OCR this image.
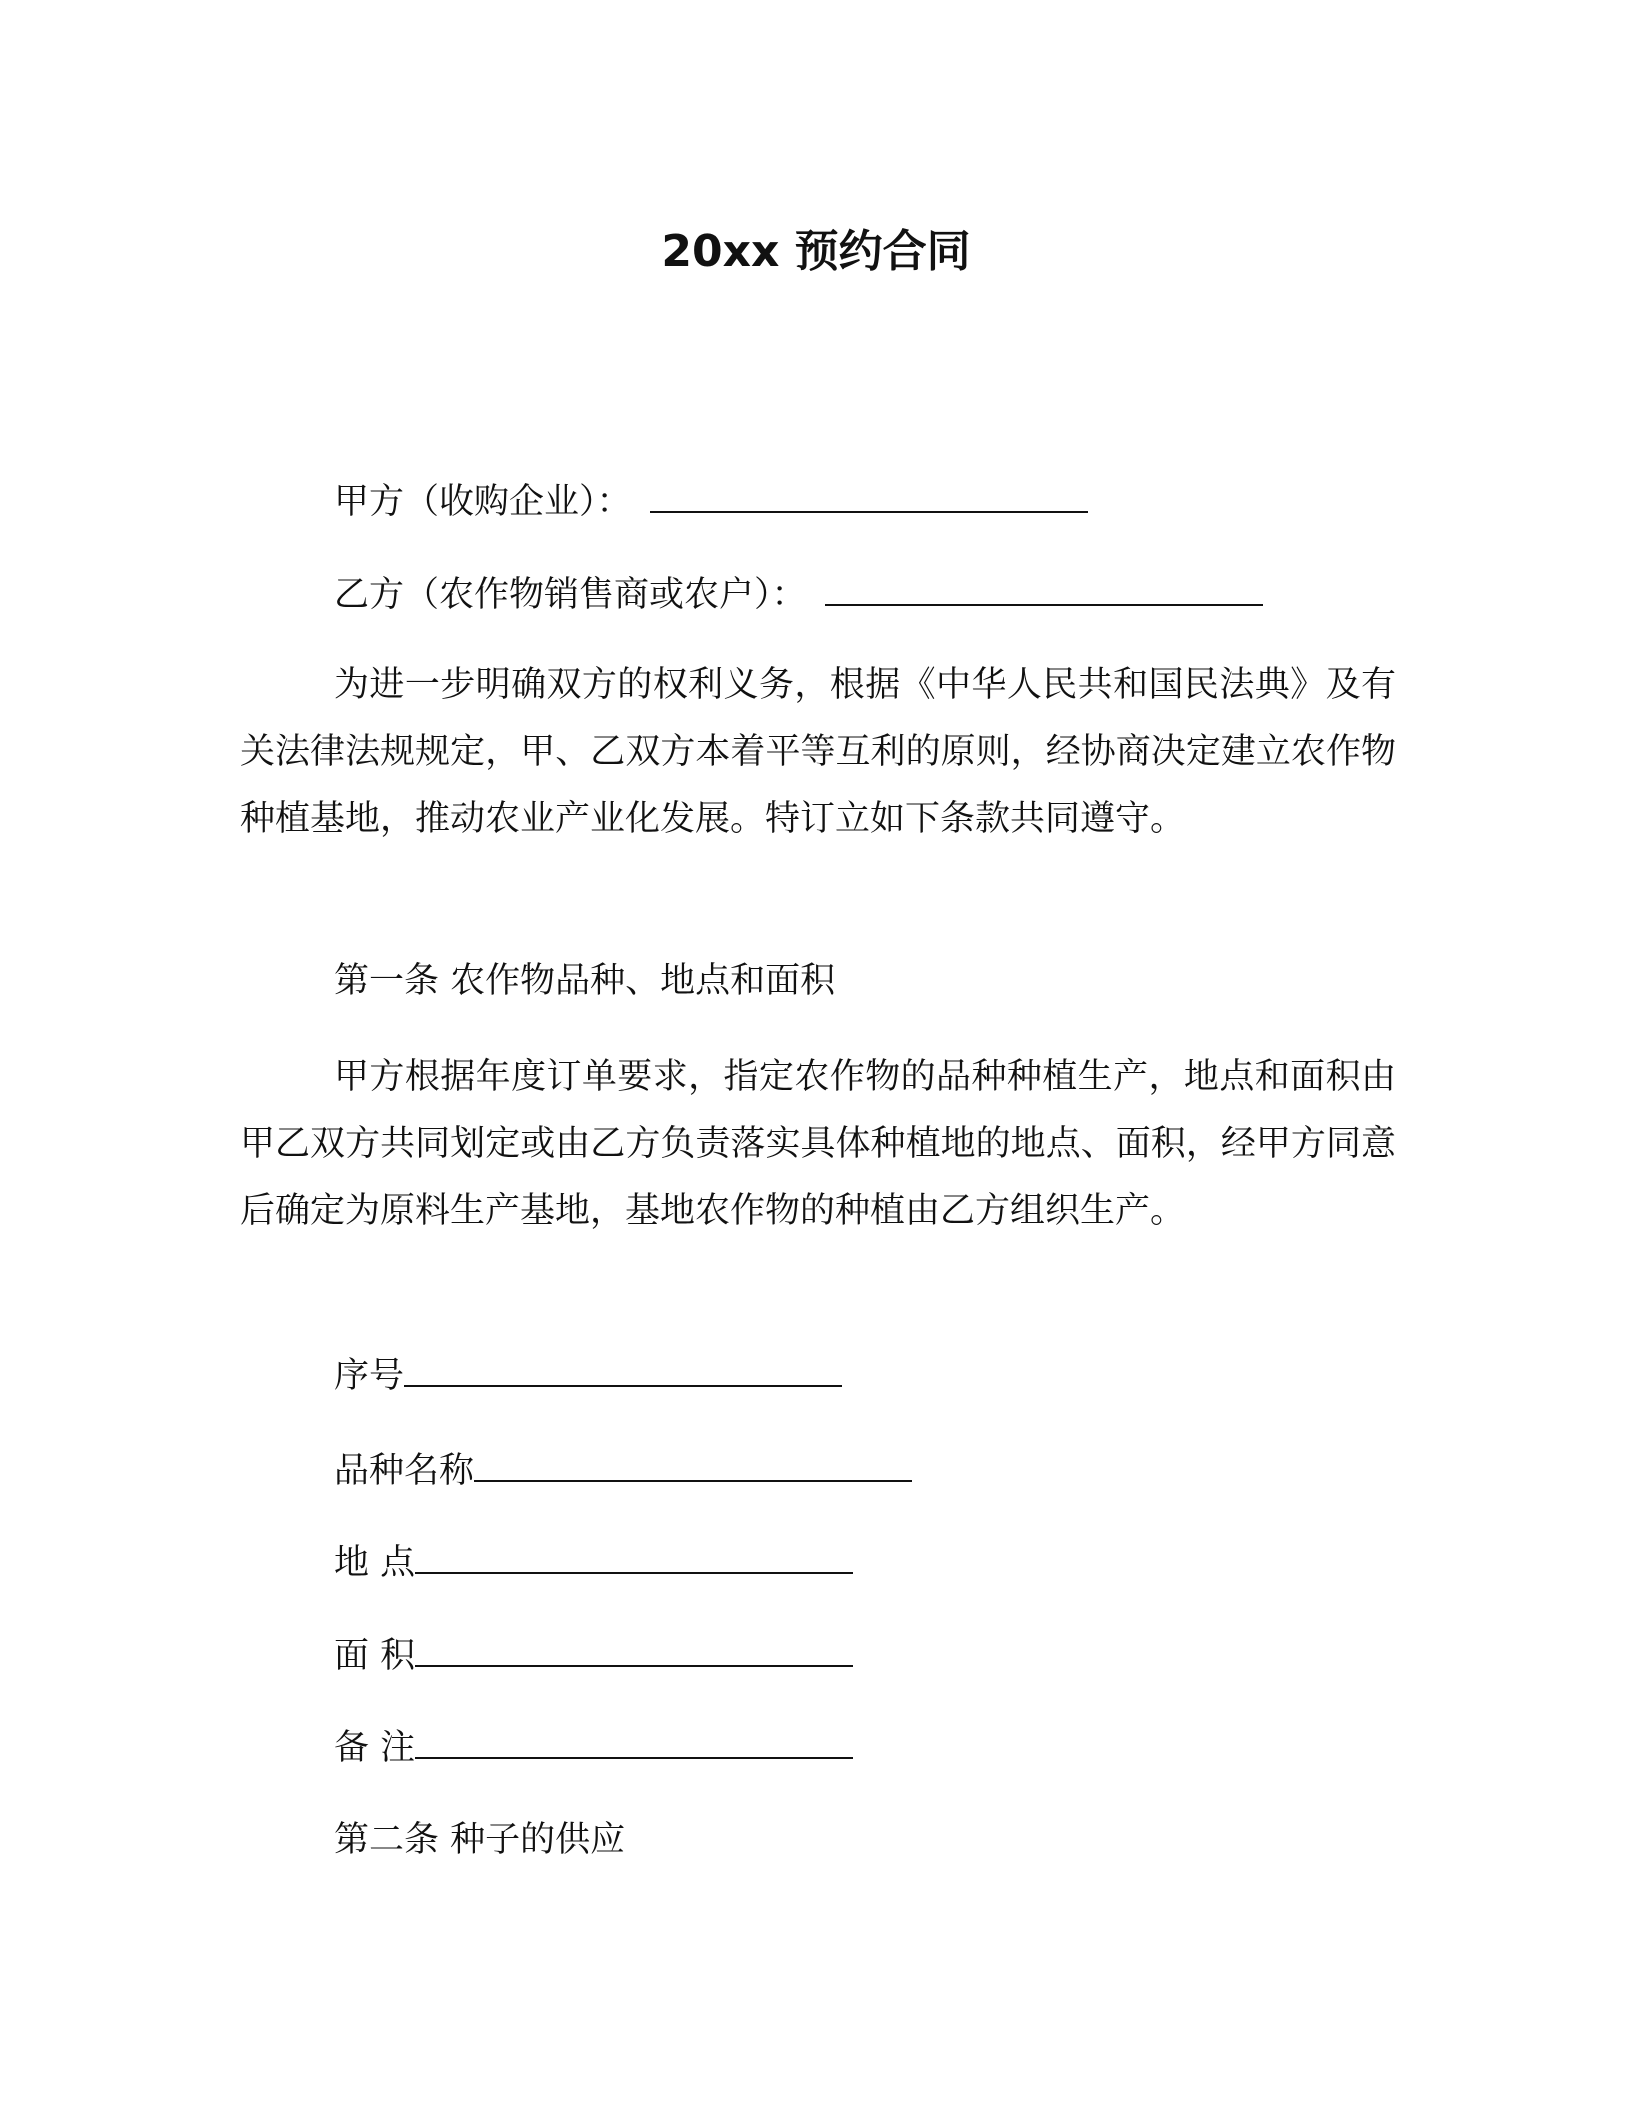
20xx 预约合同

甲方（收购企业）：

乙方（农作物销售商或农户）：

为进一步明确双方的权利义务，根据《中华人民共和国民法典》及有关法律法规规定，甲、乙双方本着平等互利的原则，经协商决定建立农作物种植基地，推动农业产业化发展。特订立如下条款共同遵守。

第一条 农作物品种、地点和面积

甲方根据年度订单要求，指定农作物的品种种植生产，地点和面积由甲乙双方共同划定或由乙方负责落实具体种植地的地点、面积，经甲方同意后确定为原料生产基地，基地农作物的种植由乙方组织生产。

序号

品种名称

地 点

面 积

备 注

第二条 种子的供应
